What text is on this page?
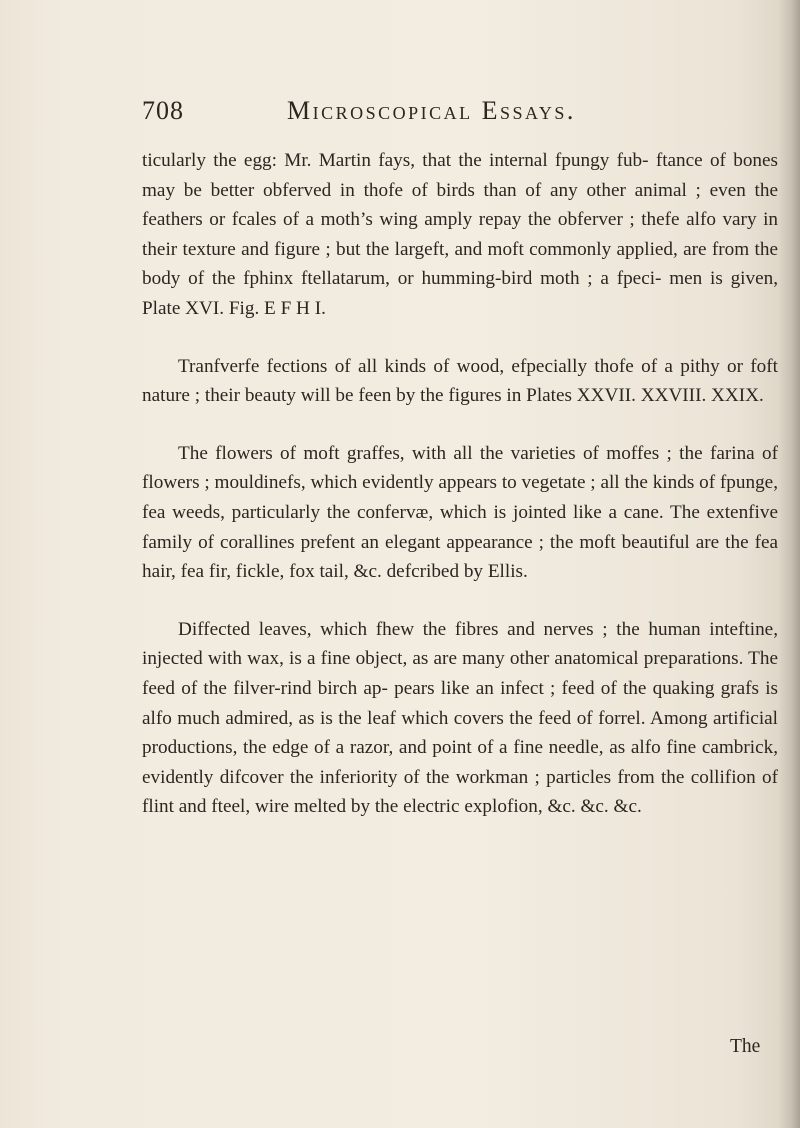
708	Microscopical Essays.

ticularly the egg: Mr. Martin fays, that the internal fpungy fub- ftance of bones may be better obferved in thofe of birds than of any other animal ; even the feathers or fcales of a moth’s wing amply repay the obferver ; thefe alfo vary in their texture and figure ; but the largeft, and moft commonly applied, are from the body of the fphinx ftellatarum, or humming-bird moth ; a fpeci- men is given, Plate XVI. Fig. E F H I.

Tranfverfe fections of all kinds of wood, efpecially thofe of a pithy or foft nature ; their beauty will be feen by the figures in Plates XXVII. XXVIII. XXIX.

The flowers of moft graffes, with all the varieties of moffes ; the farina of flowers ; mouldinefs, which evidently appears to vegetate ; all the kinds of fpunge, fea weeds, particularly the confervæ, which is jointed like a cane. The extenfive family of corallines prefent an elegant appearance ; the moft beautiful are the fea hair, fea fir, fickle, fox tail, &c. defcribed by Ellis.

Diffected leaves, which fhew the fibres and nerves ; the human inteftine, injected with wax, is a fine object, as are many other anatomical preparations. The feed of the filver-rind birch ap- pears like an infect ; feed of the quaking grafs is alfo much admired, as is the leaf which covers the feed of forrel. Among artificial productions, the edge of a razor, and point of a fine needle, as alfo fine cambrick, evidently difcover the inferiority of the workman ; particles from the collifion of flint and fteel, wire melted by the electric explofion, &c. &c. &c.

The
